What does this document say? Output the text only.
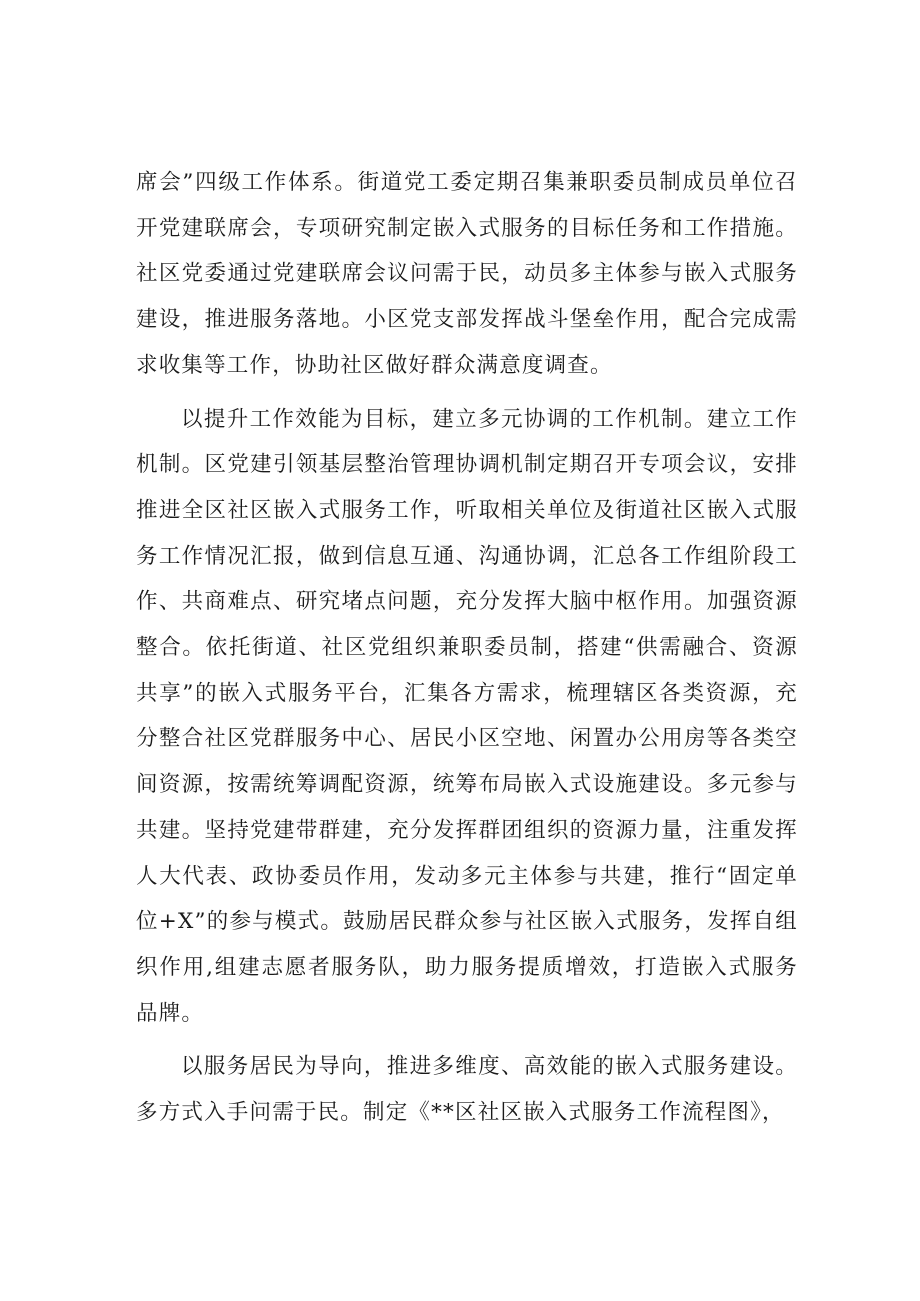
席会”四级工作体系。街道党工委定期召集兼职委员制成员单位召开党建联席会，专项研究制定嵌入式服务的目标任务和工作措施。社区党委通过党建联席会议问需于民，动员多主体参与嵌入式服务建设，推进服务落地。小区党支部发挥战斗堡垒作用，配合完成需求收集等工作，协助社区做好群众满意度调查。

以提升工作效能为目标，建立多元协调的工作机制。建立工作机制。区党建引领基层整治管理协调机制定期召开专项会议，安排推进全区社区嵌入式服务工作，听取相关单位及街道社区嵌入式服务工作情况汇报，做到信息互通、沟通协调，汇总各工作组阶段工作、共商难点、研究堵点问题，充分发挥大脑中枢作用。加强资源整合。依托街道、社区党组织兼职委员制，搭建“供需融合、资源共享”的嵌入式服务平台，汇集各方需求，梳理辖区各类资源，充分整合社区党群服务中心、居民小区空地、闲置办公用房等各类空间资源，按需统筹调配资源，统筹布局嵌入式设施建设。多元参与共建。坚持党建带群建，充分发挥群团组织的资源力量，注重发挥人大代表、政协委员作用，发动多元主体参与共建，推行“固定单位+X”的参与模式。鼓励居民群众参与社区嵌入式服务，发挥自组织作用,组建志愿者服务队，助力服务提质增效，打造嵌入式服务品牌。

以服务居民为导向，推进多维度、高效能的嵌入式服务建设。多方式入手问需于民。制定《**区社区嵌入式服务工作流程图》，
